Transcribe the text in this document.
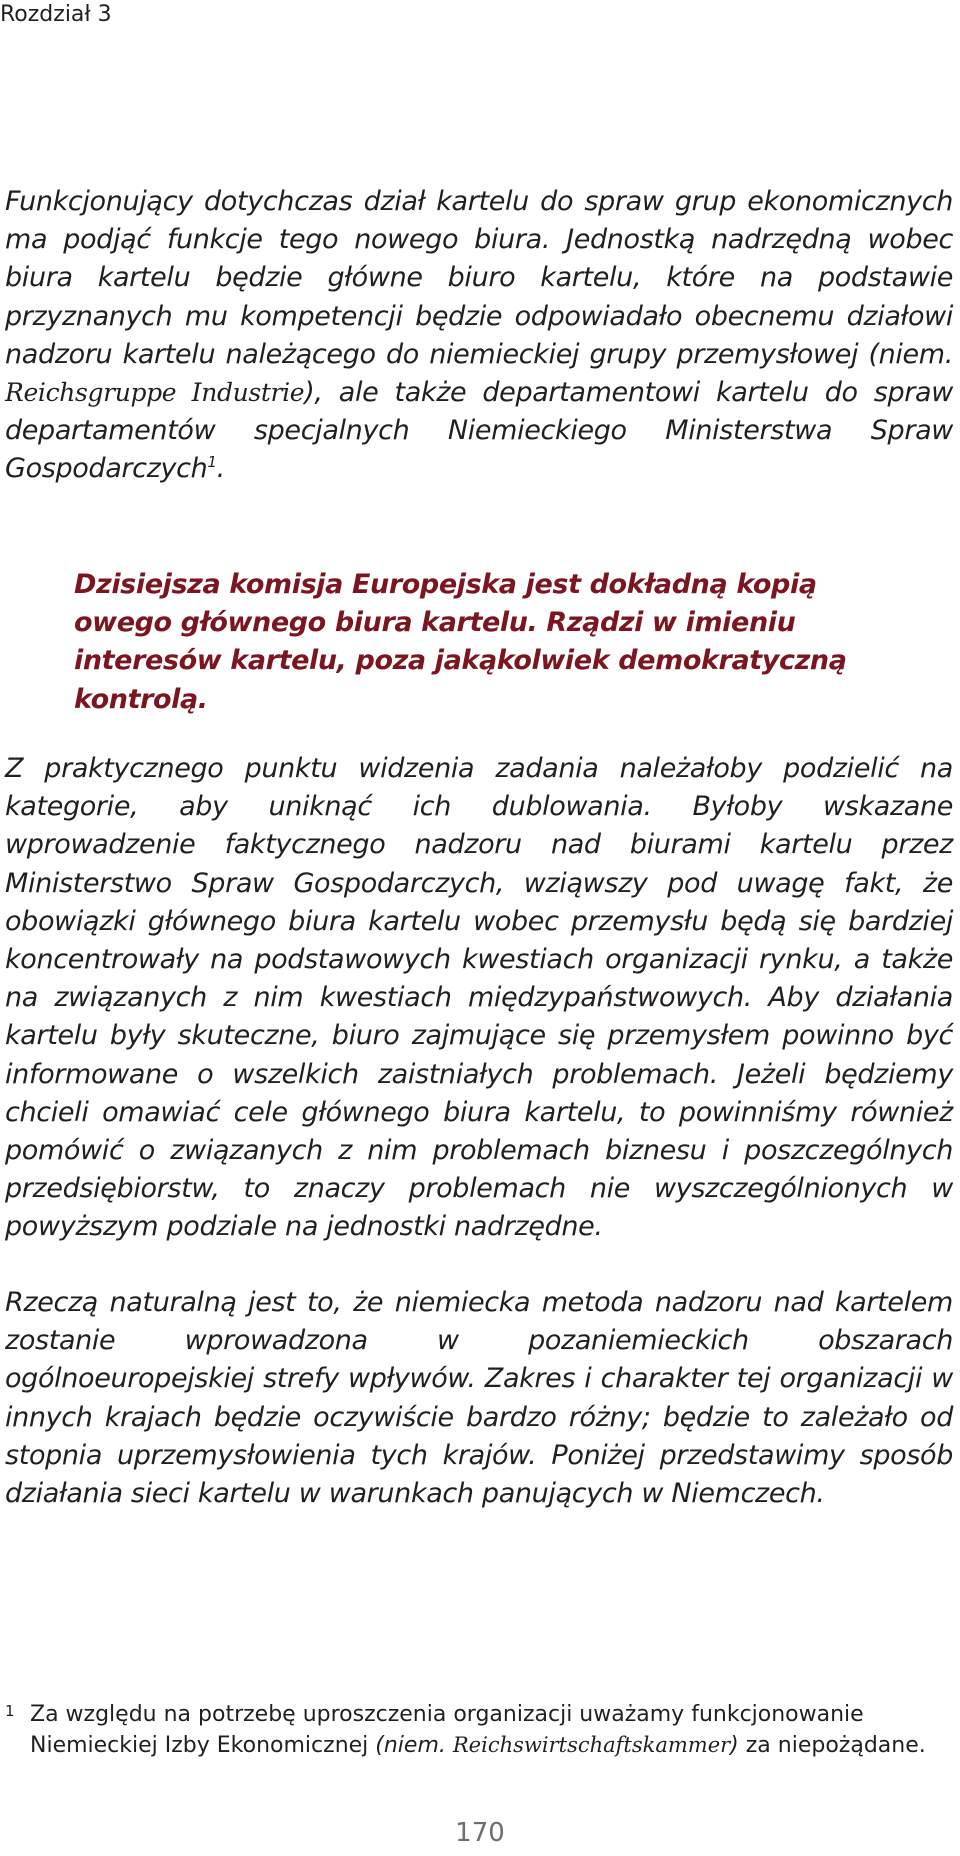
Rozdział 3

Funkcjonujący dotychczas dział kartelu do spraw grup ekonomicznych ma podjąć funkcje tego nowego biura. Jednostką nadrzędną wobec biura kartelu będzie główne biuro kartelu, które na podstawie przyznanych mu kompetencji będzie odpowiadało obecnemu działowi nadzoru kartelu należącego do niemieckiej grupy przemysłowej (niem. Reichsgruppe Industrie), ale także departamentowi kartelu do spraw departamentów specjalnych Niemieckiego Ministerstwa Spraw Gospodarczych$^1$.

Dzisiejsza komisja Europejska jest dokładną kopią owego głównego biura kartelu. Rządzi w imieniu interesów kartelu, poza jakąkolwiek demokratyczną kontrolą.

Z praktycznego punktu widzenia zadania należałoby podzielić na kategorie, aby uniknąć ich dublowania. Byłoby wskazane wprowadzenie faktycznego nadzoru nad biurami kartelu przez Ministerstwo Spraw Gospodarczych, wziąwszy pod uwagę fakt, że obowiązki głównego biura kartelu wobec przemysłu będą się bardziej koncentrowały na podstawowych kwestiach organizacji rynku, a także na związanych z nim kwestiach międzypaństwowych. Aby działania kartelu były skuteczne, biuro zajmujące się przemysłem powinno być informowane o wszelkich zaistniałych problemach. Jeżeli będziemy chcieli omawiać cele głównego biura kartelu, to powinniśmy również pomówić o związanych z nim problemach biznesu i poszczególnych przedsiębiorstw, to znaczy problemach nie wyszczególnionych w powyższym podziale na jednostki nadrzędne.

Rzeczą naturalną jest to, że niemiecka metoda nadzoru nad kartelem zostanie wprowadzona w pozaniemieckich obszarach ogólnoeuropejskiej strefy wpływów. Zakres i charakter tej organizacji w innych krajach będzie oczywiście bardzo różny; będzie to zależało od stopnia uprzemysłowienia tych krajów. Poniżej przedstawimy sposób działania sieci kartelu w warunkach panujących w Niemczech.

1 Za względu na potrzebę uproszczenia organizacji uważamy funkcjonowanie Niemieckiej Izby Ekonomicznej (niem. Reichswirtschaftskammer) za niepożądane.

170
